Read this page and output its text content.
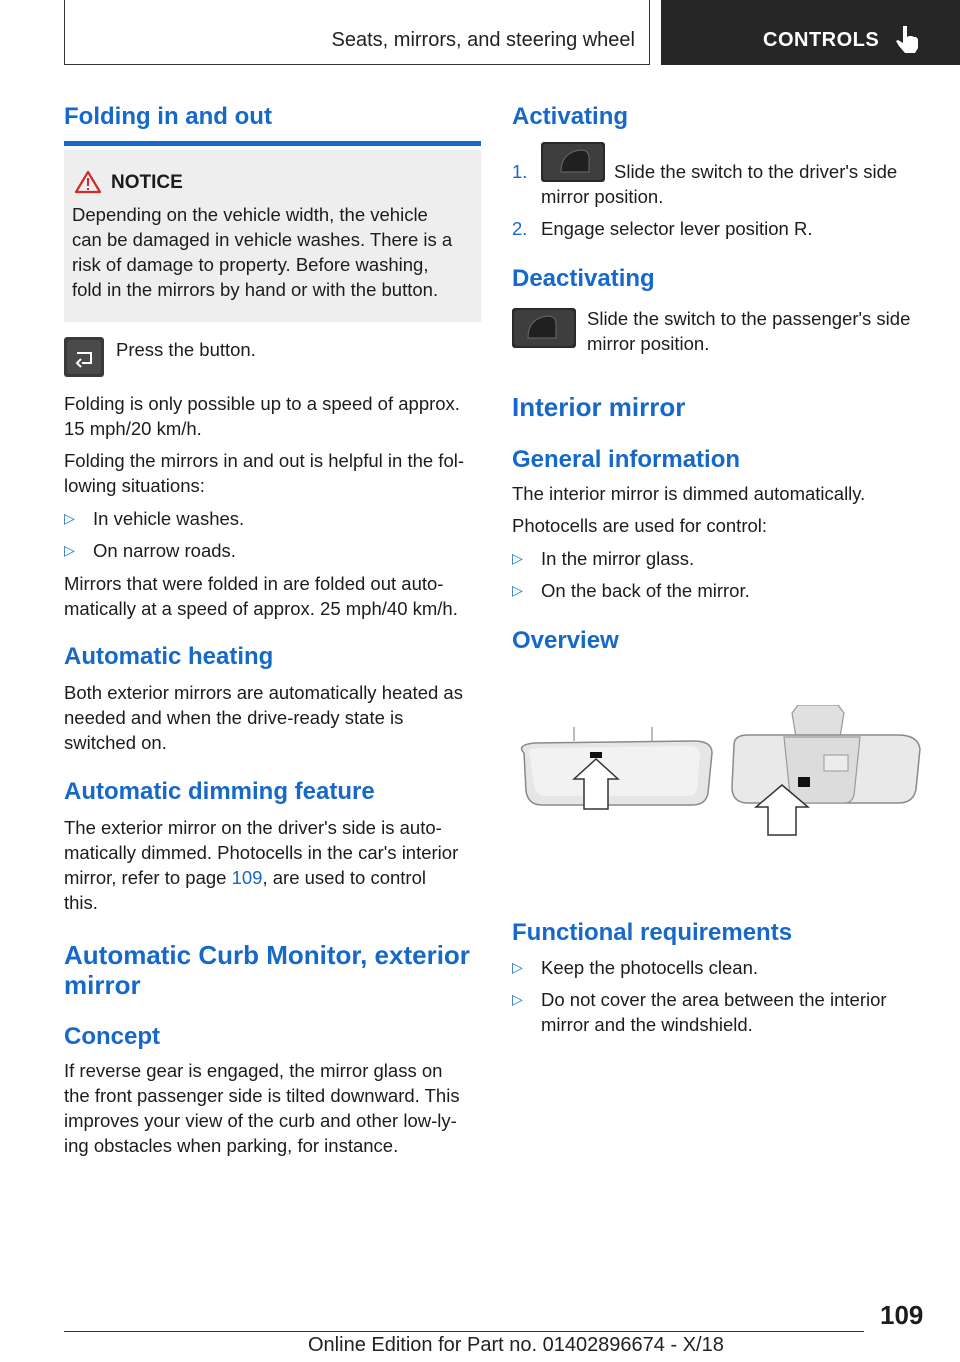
Seats, mirrors, and steering wheel	CONTROLS
Folding in and out
NOTICE
Depending on the vehicle width, the vehicle
can be damaged in vehicle washes. There is a
risk of damage to property. Before washing,
fold in the mirrors by hand or with the button.
Press the button.
Folding is only possible up to a speed of approx.
15 mph/20 km/h.
Folding the mirrors in and out is helpful in the fol‐
lowing situations:
▷ In vehicle washes.
▷ On narrow roads.
Mirrors that were folded in are folded out auto‐
matically at a speed of approx. 25 mph/40 km/h.
Automatic heating
Both exterior mirrors are automatically heated as
needed and when the drive-ready state is
switched on.
Automatic dimming feature
The exterior mirror on the driver's side is auto‐
matically dimmed. Photocells in the car's interior
mirror, refer to page 109, are used to control
this.
Automatic Curb Monitor, exterior
mirror
Concept
If reverse gear is engaged, the mirror glass on
the front passenger side is tilted downward. This
improves your view of the curb and other low-ly‐
ing obstacles when parking, for instance.
Activating
1.	Slide the switch to the driver's side
mirror position.
2. Engage selector lever position R.
Deactivating
Slide the switch to the passenger's side
mirror position.
Interior mirror
General information
The interior mirror is dimmed automatically.
Photocells are used for control:
▷ In the mirror glass.
▷ On the back of the mirror.
Overview
Functional requirements
▷ Keep the photocells clean.
▷ Do not cover the area between the interior
mirror and the windshield.
109
Online Edition for Part no. 01402896674 - X/18
